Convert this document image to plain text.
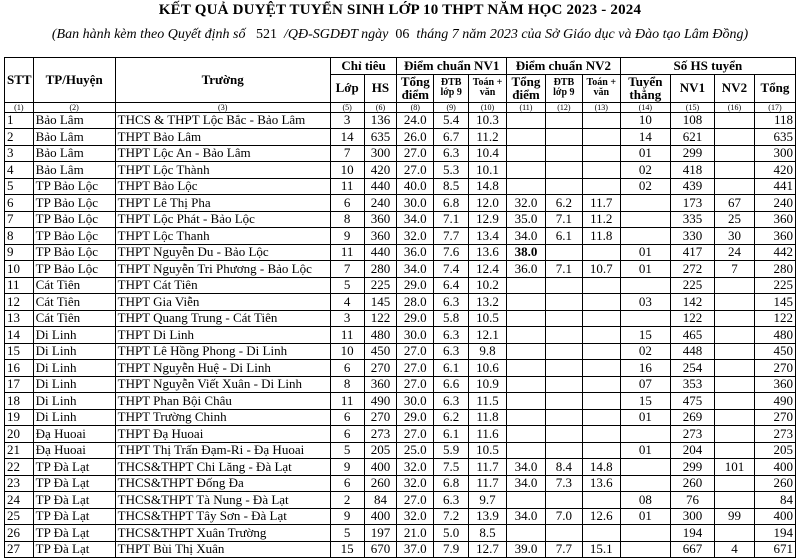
KẾT QUẢ DUYỆT TUYỂN SINH LỚP 10 THPT NĂM HỌC 2023 - 2024
(Ban hành kèm theo Quyết định số 521 /QĐ-SGDĐT ngày 06 tháng 7 năm 2023 của Sở Giáo dục và Đào tạo Lâm Đồng)
STT	TP/Huyện	Trường	Chỉ tiêu		Điểm chuẩn NV1			Điểm chuẩn NV2			Số HS tuyển			
			Lớp	HS	Tổng điểm	ĐTB lớp 9	Toán + văn	Tổng điểm	ĐTB lớp 9	Toán + văn	Tuyển thẳng	NV1	NV2	Tổng
(1)	(2)	(3)	(5)	(6)	(8)	(9)	(10)	(11)	(12)	(13)	(14)	(15)	(16)	(17)
1	Bảo Lâm	THCS & THPT Lộc Bắc - Bảo Lâm	3	136	24.0	5.4	10.3				10	108		118
2	Bảo Lâm	THPT Bảo Lâm	14	635	26.0	6.7	11.2				14	621		635
3	Bảo Lâm	THPT Lộc An - Bảo Lâm	7	300	27.0	6.3	10.4				01	299		300
4	Bảo Lâm	THPT Lộc Thành	10	420	27.0	5.3	10.1				02	418		420
5	TP Bảo Lộc	THPT Bảo Lộc	11	440	40.0	8.5	14.8				02	439		441
6	TP Bảo Lộc	THPT Lê Thị Pha	6	240	30.0	6.8	12.0	32.0	6.2	11.7		173	67	240
7	TP Bảo Lộc	THPT Lộc Phát - Bảo Lộc	8	360	34.0	7.1	12.9	35.0	7.1	11.2		335	25	360
8	TP Bảo Lộc	THPT Lộc Thanh	9	360	32.0	7.7	13.4	34.0	6.1	11.8		330	30	360
9	TP Bảo Lộc	THPT Nguyễn Du - Bảo Lộc	11	440	36.0	7.6	13.6	38.0			01	417	24	442
10	TP Bảo Lộc	THPT Nguyễn Tri Phương - Bảo Lộc	7	280	34.0	7.4	12.4	36.0	7.1	10.7	01	272	7	280
11	Cát Tiên	THPT Cát Tiên	5	225	29.0	6.4	10.2					225		225
12	Cát Tiên	THPT Gia Viễn	4	145	28.0	6.3	13.2				03	142		145
13	Cát Tiên	THPT Quang Trung - Cát Tiên	3	122	29.0	5.8	10.5					122		122
14	Di Linh	THPT Di Linh	11	480	30.0	6.3	12.1				15	465		480
15	Di Linh	THPT Lê Hồng Phong - Di Linh	10	450	27.0	6.3	9.8				02	448		450
16	Di Linh	THPT Nguyễn Huệ - Di Linh	6	270	27.0	6.1	10.6				16	254		270
17	Di Linh	THPT Nguyễn Viết Xuân - Di Linh	8	360	27.0	6.6	10.9				07	353		360
18	Di Linh	THPT Phan Bội Châu	11	490	30.0	6.3	11.5				15	475		490
19	Di Linh	THPT Trường Chinh	6	270	29.0	6.2	11.8				01	269		270
20	Đạ Huoai	THPT Đạ Huoai	6	273	27.0	6.1	11.6					273		273
21	Đạ Huoai	THPT Thị Trấn Đạm-Ri - Đạ Huoai	5	205	25.0	5.9	10.5				01	204		205
22	TP Đà Lạt	THCS&THPT Chi Lăng - Đà Lạt	9	400	32.0	7.5	11.7	34.0	8.4	14.8		299	101	400
23	TP Đà Lạt	THCS&THPT Đống Đa	6	260	32.0	6.8	11.7	34.0	7.3	13.6		260		260
24	TP Đà Lạt	THCS&THPT Tà Nung - Đà Lạt	2	84	27.0	6.3	9.7				08	76		84
25	TP Đà Lạt	THCS&THPT Tây Sơn - Đà Lạt	9	400	32.0	7.2	13.9	34.0	7.0	12.6	01	300	99	400
26	TP Đà Lạt	THCS&THPT Xuân Trường	5	197	21.0	5.0	8.5					194		194
27	TP Đà Lạt	THPT Bùi Thị Xuân	15	670	37.0	7.9	12.7	39.0	7.7	15.1		667	4	671
